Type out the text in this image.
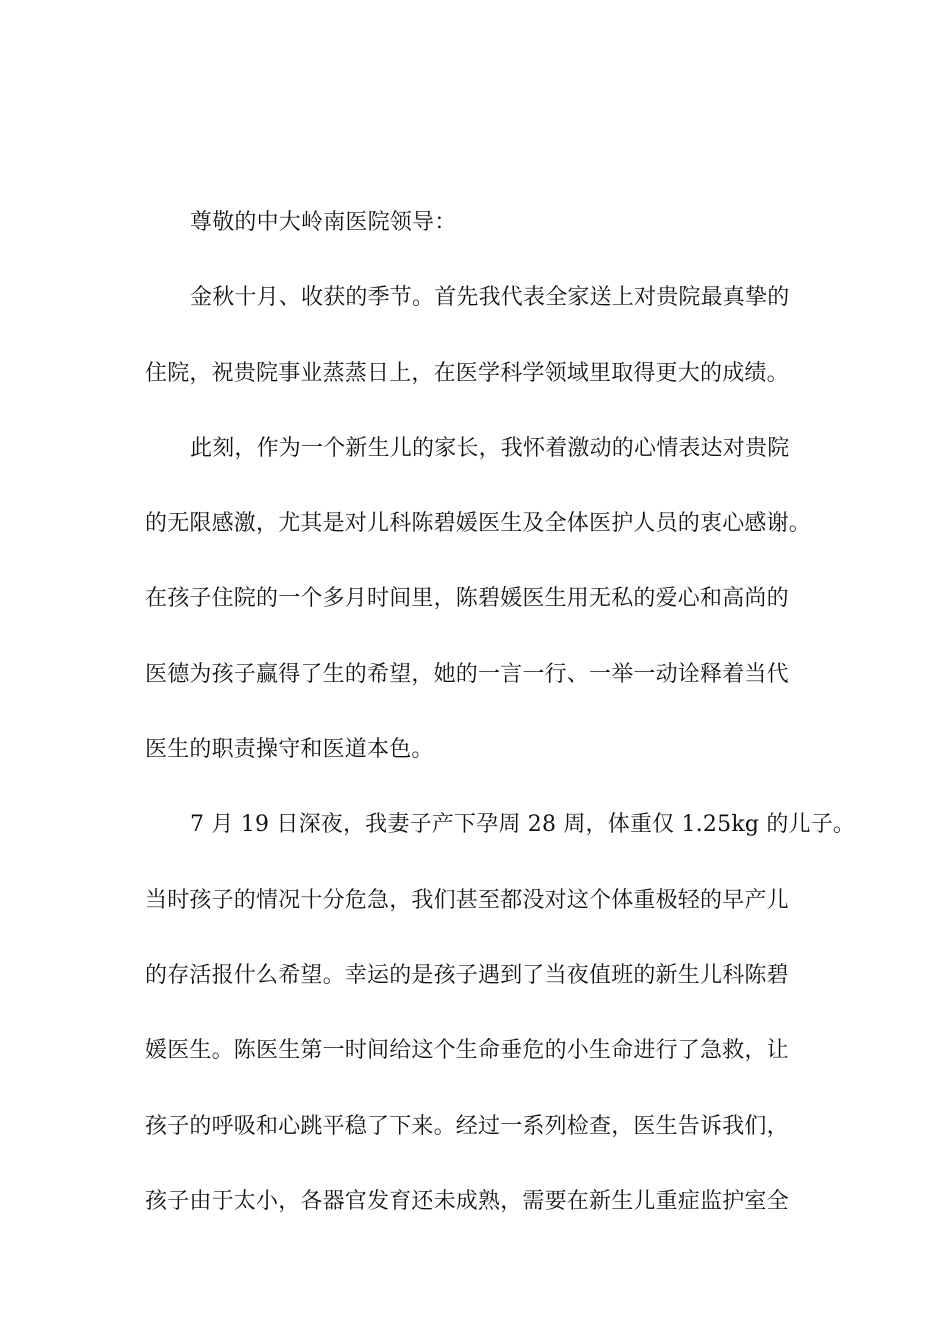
尊敬的中大岭南医院领导：
金秋十月、收获的季节。首先我代表全家送上对贵院最真挚的
住院，祝贵院事业蒸蒸日上，在医学科学领域里取得更大的成绩。
此刻，作为一个新生儿的家长，我怀着激动的心情表达对贵院
的无限感激，尤其是对儿科陈碧媛医生及全体医护人员的衷心感谢。
在孩子住院的一个多月时间里，陈碧媛医生用无私的爱心和高尚的
医德为孩子赢得了生的希望，她的一言一行、一举一动诠释着当代
医生的职责操守和医道本色。
7 月 19 日深夜，我妻子产下孕周 28 周，体重仅 1.25kg 的儿子。
当时孩子的情况十分危急，我们甚至都没对这个体重极轻的早产儿
的存活报什么希望。幸运的是孩子遇到了当夜值班的新生儿科陈碧
媛医生。陈医生第一时间给这个生命垂危的小生命进行了急救，让
孩子的呼吸和心跳平稳了下来。经过一系列检查，医生告诉我们，
孩子由于太小，各器官发育还未成熟，需要在新生儿重症监护室全
